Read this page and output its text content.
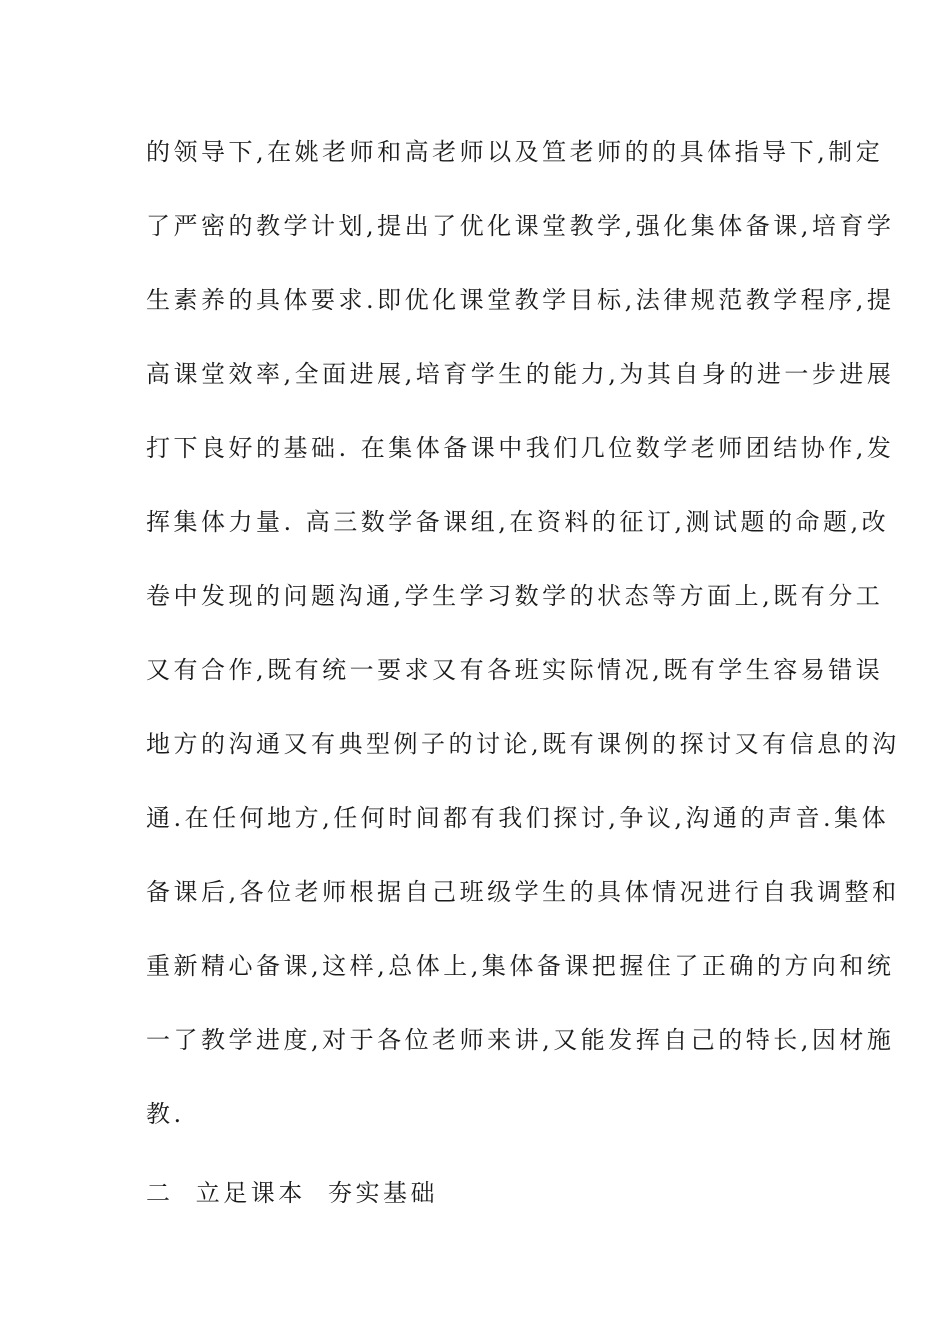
的领导下,在姚老师和高老师以及笪老师的的具体指导下,制定
了严密的教学计划,提出了优化课堂教学,强化集体备课,培育学
生素养的具体要求.即优化课堂教学目标,法律规范教学程序,提
高课堂效率,全面进展,培育学生的能力,为其自身的进一步进展
打下良好的基础. 在集体备课中我们几位数学老师团结协作,发
挥集体力量. 高三数学备课组,在资料的征订,测试题的命题,改
卷中发现的问题沟通,学生学习数学的状态等方面上,既有分工
又有合作,既有统一要求又有各班实际情况,既有学生容易错误
地方的沟通又有典型例子的讨论,既有课例的探讨又有信息的沟
通.在任何地方,任何时间都有我们探讨,争议,沟通的声音.集体
备课后,各位老师根据自己班级学生的具体情况进行自我调整和
重新精心备课,这样,总体上,集体备课把握住了正确的方向和统
一了教学进度,对于各位老师来讲,又能发挥自己的特长,因材施
教.
二  立足课本  夯实基础
